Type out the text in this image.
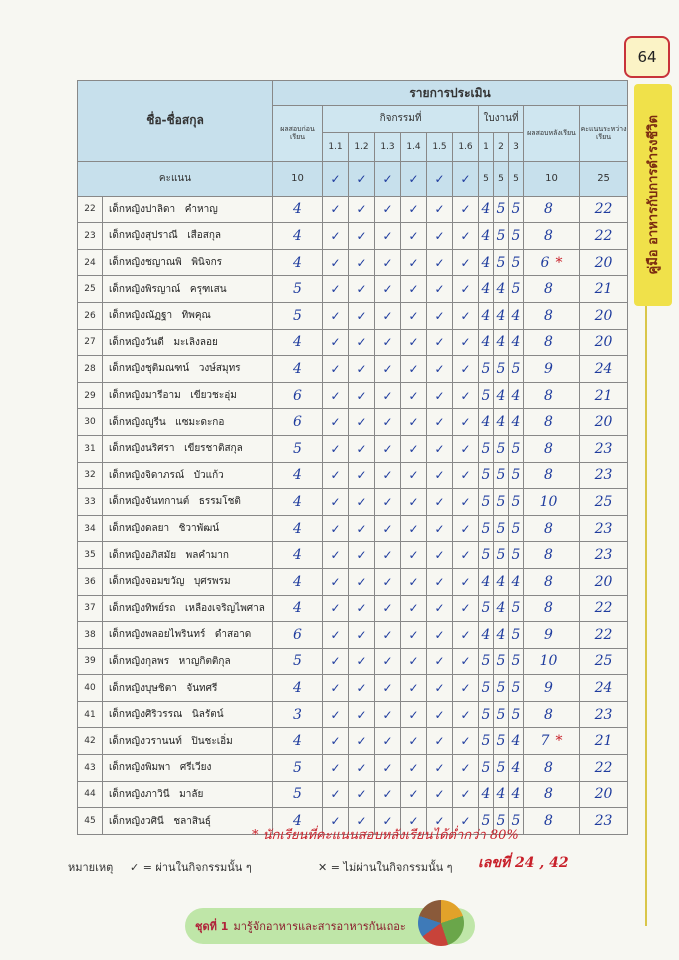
64
คู่มือ อาหารกับการดำรงชีวิต
ชื่อ-ชื่อสกุล		รายการประเมิน											
		ผลสอบก่อนเรียน	กิจกรรมที่						ใบงานที่			ผลสอบหลังเรียน	คะแนนระหว่างเรียน
			1.1	1.2	1.3	1.4	1.5	1.6	1	2	3		
คะแนน		10	✓	✓	✓	✓	✓	✓	5	5	5	10	25
22	เด็กหญิงปาลิดา คำหาญ	4	✓	✓	✓	✓	✓	✓	4	5	5	8	22
23	เด็กหญิงสุปราณี เสือสกุล	4	✓	✓	✓	✓	✓	✓	4	5	5	8	22
24	เด็กหญิงชญาณพิ พินิจกร	4	✓	✓	✓	✓	✓	✓	4	5	5	6 *	20
25	เด็กหญิงพิรญาณ์ ครุฑเสน	5	✓	✓	✓	✓	✓	✓	4	4	5	8	21
26	เด็กหญิงณัฏฐา ทิพคุณ	5	✓	✓	✓	✓	✓	✓	4	4	4	8	20
27	เด็กหญิงวันดี มะเลิงลอย	4	✓	✓	✓	✓	✓	✓	4	4	4	8	20
28	เด็กหญิงชุติมณฑน์ วงษ์สมุทร	4	✓	✓	✓	✓	✓	✓	5	5	5	9	24
29	เด็กหญิงมารีอาม เขียวชะอุ่ม	6	✓	✓	✓	✓	✓	✓	5	4	4	8	21
30	เด็กหญิงญูรีน แซมะดะกอ	6	✓	✓	✓	✓	✓	✓	4	4	4	8	20
31	เด็กหญิงนริศรา เขียรชาติสกุล	5	✓	✓	✓	✓	✓	✓	5	5	5	8	23
32	เด็กหญิงจิดาภรณ์ บัวแก้ว	4	✓	✓	✓	✓	✓	✓	5	5	5	8	23
33	เด็กหญิงจันทกานต์ ธรรมโชติ	4	✓	✓	✓	✓	✓	✓	5	5	5	10	25
34	เด็กหญิงดลยา ชิวาพัฒน์	4	✓	✓	✓	✓	✓	✓	5	5	5	8	23
35	เด็กหญิงอภิสมัย พลคำมาก	4	✓	✓	✓	✓	✓	✓	5	5	5	8	23
36	เด็กหญิงจอมขวัญ บุศรพรม	4	✓	✓	✓	✓	✓	✓	4	4	4	8	20
37	เด็กหญิงทิพย์รถ เหลืองเจริญไพศาล	4	✓	✓	✓	✓	✓	✓	5	4	5	8	22
38	เด็กหญิงพลอยไพรินทร์ ดำสอาด	6	✓	✓	✓	✓	✓	✓	4	4	5	9	22
39	เด็กหญิงกุลพร หาญกิตติกุล	5	✓	✓	✓	✓	✓	✓	5	5	5	10	25
40	เด็กหญิงบุษชิตา จันทศรี	4	✓	✓	✓	✓	✓	✓	5	5	5	9	24
41	เด็กหญิงศิริวรรณ นิลรัตน์	3	✓	✓	✓	✓	✓	✓	5	5	5	8	23
42	เด็กหญิงวรานนท์ ปินชะเอิ่ม	4	✓	✓	✓	✓	✓	✓	5	5	4	7 *	21
43	เด็กหญิงพิมพา ศรีเวียง	5	✓	✓	✓	✓	✓	✓	5	5	4	8	22
44	เด็กหญิงภาวินี มาลัย	5	✓	✓	✓	✓	✓	✓	4	4	4	8	20
45	เด็กหญิงวศินี ชลาสินธุ์	4	✓	✓	✓	✓	✓	✓	5	5	5	8	23
* นักเรียนที่คะแนนสอบหลังเรียนได้ต่ำกว่า 80%
หมายเหตุ ✓ = ผ่านในกิจกรรมนั้น ๆ	✕ = ไม่ผ่านในกิจกรรมนั้น ๆ เลขที่ 24 , 42
ชุดที่ 1
มารู้จักอาหารและสารอาหารกันเถอะ
